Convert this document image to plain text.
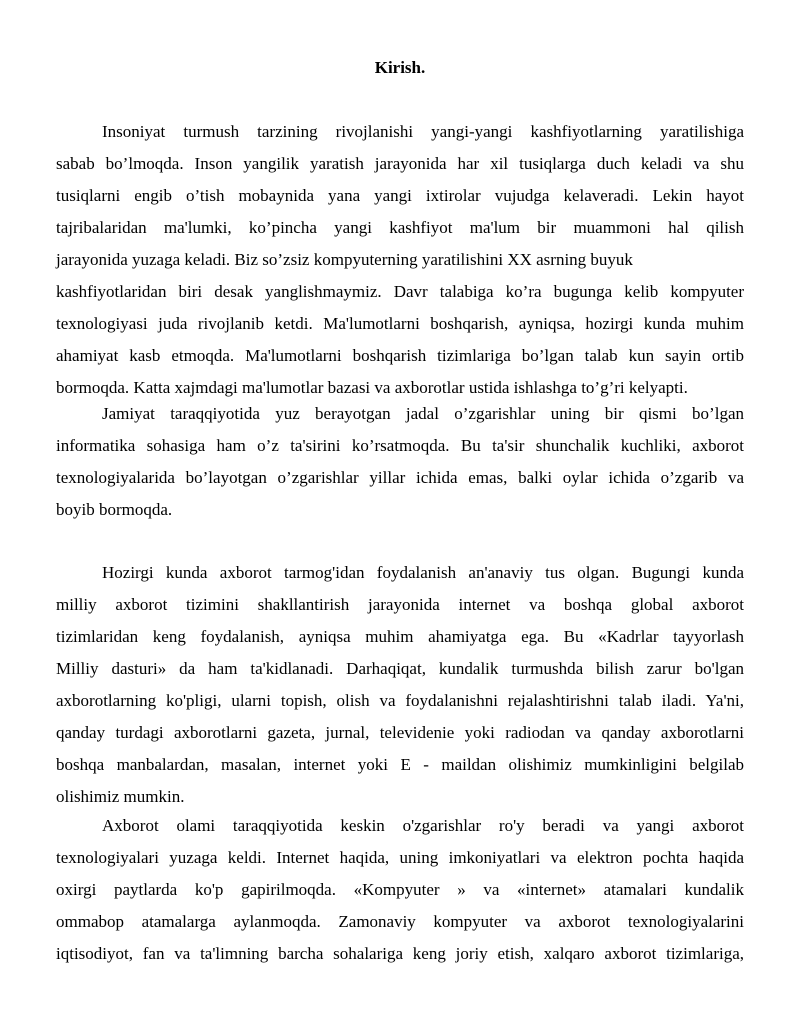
Kirish.

Insoniyat turmush tarzining rivojlanishi yangi-yangi kashfiyotlarning yaratilishiga
sabab bo’lmoqda. Inson yangilik yaratish jarayonida har xil tusiqlarga duch keladi va shu
tusiqlarni engib o’tish mobaynida yana yangi ixtirolar vujudga kelaveradi. Lekin hayot
tajribalaridan ma'lumki, ko’pincha yangi kashfiyot ma'lum bir muammoni hal qilish
jarayonida yuzaga keladi. Biz so’zsiz kompyuterning yaratilishini XX asrning buyuk
kashfiyotlaridan biri desak yanglishmaymiz. Davr talabiga ko’ra bugunga kelib kompyuter
texnologiyasi juda rivojlanib ketdi. Ma'lumotlarni boshqarish, ayniqsa, hozirgi kunda muhim
ahamiyat kasb etmoqda. Ma'lumotlarni boshqarish tizimlariga bo’lgan talab kun sayin ortib
bormoqda. Katta xajmdagi ma'lumotlar bazasi va axborotlar ustida ishlashga to’g’ri kelyapti.

Jamiyat taraqqiyotida yuz berayotgan jadal o’zgarishlar uning bir qismi bo’lgan
informatika sohasiga ham o’z ta'sirini ko’rsatmoqda. Bu ta'sir shunchalik kuchliki, axborot
texnologiyalarida bo’layotgan o’zgarishlar yillar ichida emas, balki oylar ichida o’zgarib va
boyib bormoqda.

Hozirgi kunda axborot tarmog'idan foydalanish an'anaviy tus olgan. Bugungi kunda
milliy axborot tizimini shakllantirish jarayonida internet va boshqa global axborot
tizimlaridan keng foydalanish, ayniqsa muhim ahamiyatga ega. Bu «Kadrlar tayyorlash
Milliy dasturi» da ham ta'kidlanadi. Darhaqiqat, kundalik turmushda bilish zarur bo'lgan
axborotlarning ko'pligi, ularni topish, olish va foydalanishni rejalashtirishni talab iladi. Ya'ni,
qanday turdagi axborotlarni gazeta, jurnal, televidenie yoki radiodan va qanday axborotlarni
boshqa manbalardan, masalan, internet yoki E - maildan olishimiz mumkinligini belgilab
olishimiz mumkin.

Axborot olami taraqqiyotida keskin o'zgarishlar ro'y beradi va yangi axborot
texnologiyalari yuzaga keldi. Internet haqida, uning imkoniyatlari va elektron pochta haqida
oxirgi paytlarda ko'p gapirilmoqda. «Kompyuter » va «internet» atamalari kundalik
ommabop atamalarga aylanmoqda. Zamonaviy kompyuter va axborot texnologiyalarini
iqtisodiyot, fan va ta'limning barcha sohalariga keng joriy etish, xalqaro axborot tizimlariga,
